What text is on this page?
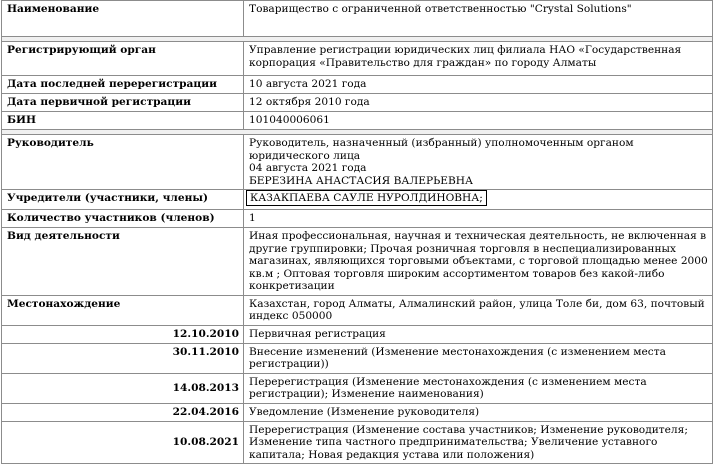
Наименование	Товарищество с ограниченной ответственностью "Crystal Solutions"

Регистрирующий орган	Управление регистрации юридических лиц филиала НАО «Государственная корпорация «Правительство для граждан» по городу Алматы
Дата последней перерегистрации	10 августа 2021 года
Дата первичной регистрации	12 октября 2010 года
БИН	101040006061

Руководитель	Руководитель, назначенный (избранный) уполномоченным органом юридического лица
04 августа 2021 года
БЕРЕЗИНА АНАСТАСИЯ ВАЛЕРЬЕВНА

Учредители (участники, члены)	КАЗАКПАЕВА САУЛЕ НУРОЛДИНОВНА;
Количество участников (членов)	1
Вид деятельности	Иная профессиональная, научная и техническая деятельность, не включенная в другие группировки; Прочая розничная торговля в неспециализированных магазинах, являющихся торговыми объектами, с торговой площадью менее 2000 кв.м ; Оптовая торговля широким ассортиментом товаров без какой-либо конкретизации
Местонахождение	Казахстан, город Алматы, Алмалинский район, улица Толе би, дом 63, почтовый индекс 050000
12.10.2010	Первичная регистрация
30.11.2010	Внесение изменений (Изменение местонахождения (с изменением места регистрации))
14.08.2013	Перерегистрация (Изменение местонахождения (с изменением места регистрации); Изменение наименования)
22.04.2016	Уведомление (Изменение руководителя)
10.08.2021	Перерегистрация (Изменение состава участников; Изменение руководителя; Изменение типа частного предпринимательства; Увеличение уставного капитала; Новая редакция устава или положения)
